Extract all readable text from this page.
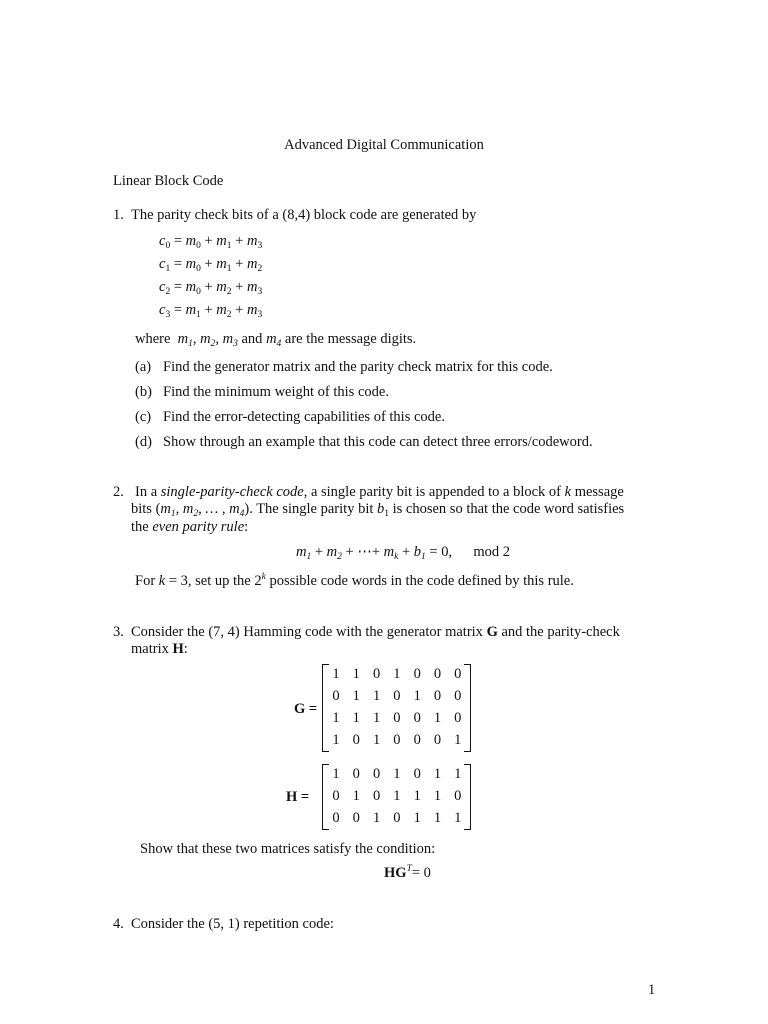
Advanced Digital Communication
Linear Block Code
1. The parity check bits of a (8,4) block code are generated by
$c_0 = m_0 + m_1 + m_3$
$c_1 = m_0 + m_1 + m_2$
$c_2 = m_0 + m_2 + m_3$
$c_3 = m_1 + m_2 + m_3$
where  $m_1$, $m_2$, $m_3$ and $m_4$ are the message digits.
(a) Find the generator matrix and the parity check matrix for this code.
(b) Find the minimum weight of this code.
(c) Find the error-detecting capabilities of this code.
(d) Show through an example that this code can detect three errors/codeword.
2. In a single-parity-check code, a single parity bit is appended to a block of k message
bits ($m_1$, $m_2$, … , $m_4$). The single parity bit $b_1$ is chosen so that the code word satisfies
the even parity rule:
$m_1 + m_2$ + ⋯+ $m_k + b_1 = 0$, mod 2
For k = 3, set up the 2$^k$ possible code words in the code defined by this rule.
3. Consider the (7, 4) Hamming code with the generator matrix G and the parity-check
matrix H:
G =
1 1 0 1 0 0 0
0 1 1 0 1 0 0
1 1 1 0 0 1 0
1 0 1 0 0 0 1
H =
1 0 0 1 0 1 1
0 1 0 1 1 1 0
0 0 1 0 1 1 1
Show that these two matrices satisfy the condition:
$HG^T= 0$
4. Consider the (5, 1) repetition code:
1
